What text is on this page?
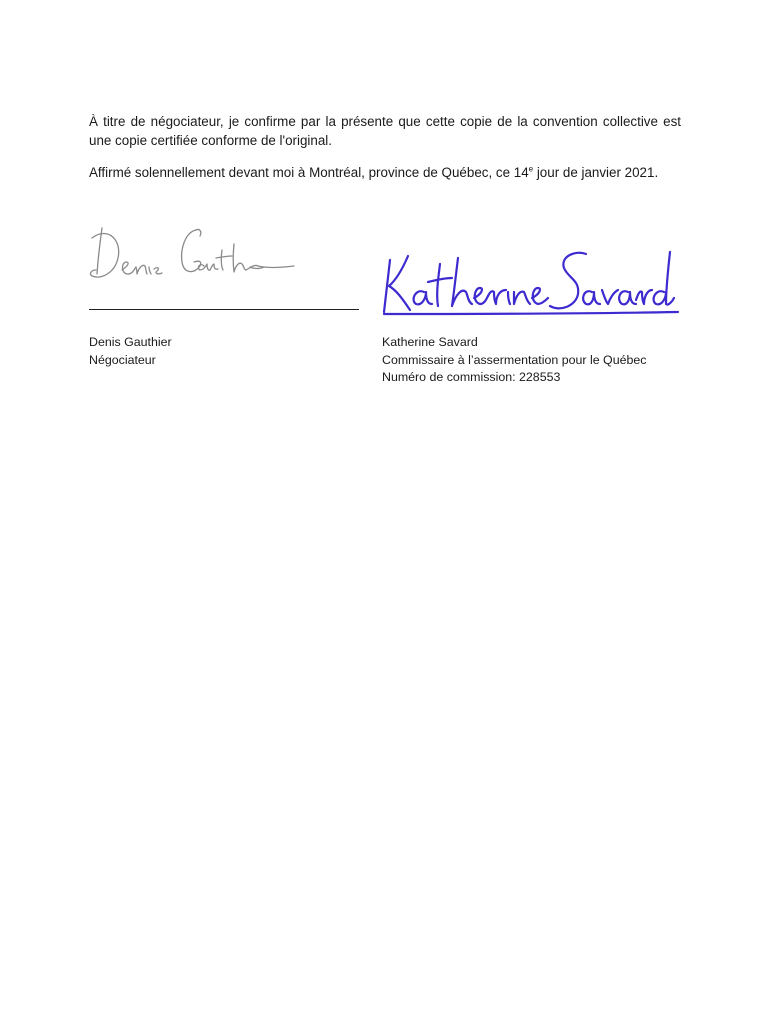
À titre de négociateur, je confirme par la présente que cette copie de la convention collective est une copie certifiée conforme de l'original.

Affirmé solennellement devant moi à Montréal, province de Québec, ce 14e jour de janvier 2021.

Denis Gauthier
Négociateur
Katherine Savard
Commissaire à l’assermentation pour le Québec
Numéro de commission: 228553
